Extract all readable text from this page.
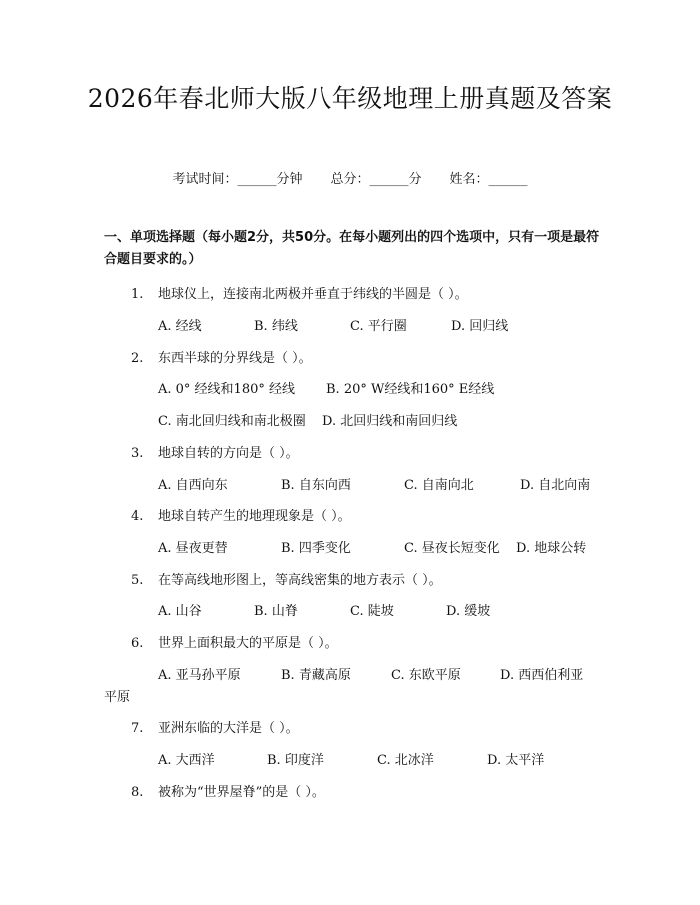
2026年春北师大版八年级地理上册真题及答案
考试时间：______分钟 总分：______分 姓名：______
一、单项选择题（每小题2分，共50分。在每小题列出的四个选项中，只有一项是最符合题目要求的。）
1. 地球仪上，连接南北两极并垂直于纬线的半圆是（ ）。
A. 经线	B. 纬线	C. 平行圈	D. 回归线
2. 东西半球的分界线是（ ）。
A. 0° 经线和180° 经线 B. 20° W经线和160° E经线
C. 南北回归线和南北极圈 D. 北回归线和南回归线
3. 地球自转的方向是（ ）。
A. 自西向东	B. 自东向西	C. 自南向北	D. 自北向南
4. 地球自转产生的地理现象是（ ）。
A. 昼夜更替	B. 四季变化	C. 昼夜长短变化 D. 地球公转
5. 在等高线地形图上，等高线密集的地方表示（ ）。
A. 山谷	B. 山脊	C. 陡坡	D. 缓坡
6. 世界上面积最大的平原是（ ）。
A. 亚马孙平原	B. 青藏高原	C. 东欧平原	D. 西西伯利亚
平原
7. 亚洲东临的大洋是（ ）。
A. 大西洋	B. 印度洋	C. 北冰洋	D. 太平洋
8. 被称为“世界屋脊”的是（ ）。
